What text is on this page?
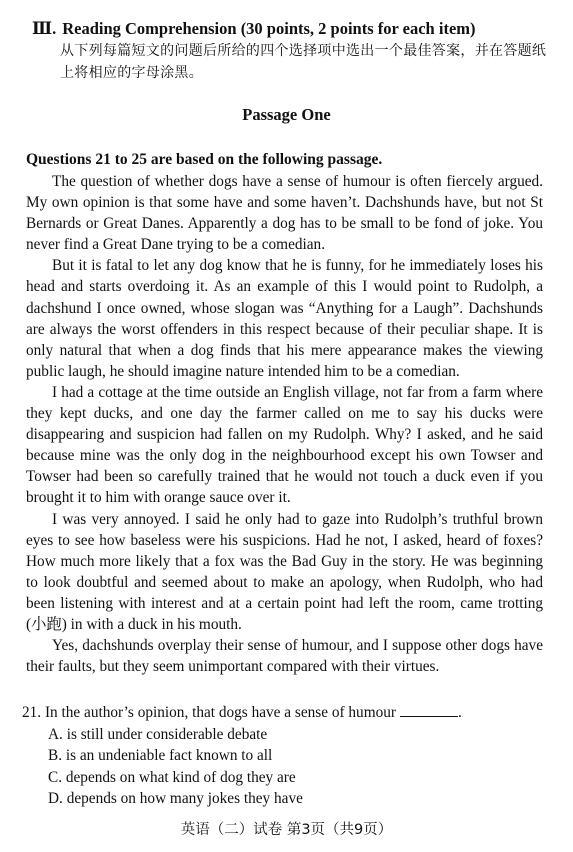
Ⅲ. Reading Comprehension (30 points, 2 points for each item)
从下列每篇短文的问题后所给的四个选择项中选出一个最佳答案，并在答题纸上将相应的字母涂黑。
Passage One
Questions 21 to 25 are based on the following passage.

The question of whether dogs have a sense of humour is often fiercely argued. My own opinion is that some have and some haven’t. Dachshunds have, but not St Bernards or Great Danes. Apparently a dog has to be small to be fond of joke. You never find a Great Dane trying to be a comedian.

But it is fatal to let any dog know that he is funny, for he immediately loses his head and starts overdoing it. As an example of this I would point to Rudolph, a dachshund I once owned, whose slogan was “Anything for a Laugh”. Dachshunds are always the worst offenders in this respect because of their peculiar shape. It is only natural that when a dog finds that his mere appearance makes the viewing public laugh, he should imagine nature intended him to be a comedian.

I had a cottage at the time outside an English village, not far from a farm where they kept ducks, and one day the farmer called on me to say his ducks were disappearing and suspicion had fallen on my Rudolph. Why? I asked, and he said because mine was the only dog in the neighbourhood except his own Towser and Towser had been so carefully trained that he would not touch a duck even if you brought it to him with orange sauce over it.

I was very annoyed. I said he only had to gaze into Rudolph’s truthful brown eyes to see how baseless were his suspicions. Had he not, I asked, heard of foxes? How much more likely that a fox was the Bad Guy in the story. He was beginning to look doubtful and seemed about to make an apology, when Rudolph, who had been listening with interest and at a certain point had left the room, came trotting (小跑) in with a duck in his mouth.

Yes, dachshunds overplay their sense of humour, and I suppose other dogs have their faults, but they seem unimportant compared with their virtues.

21. In the author’s opinion, that dogs have a sense of humour	.
A. is still under considerable debate
B. is an undeniable fact known to all
C. depends on what kind of dog they are
D. depends on how many jokes they have
英语（二）试卷 第3页（共9页）
